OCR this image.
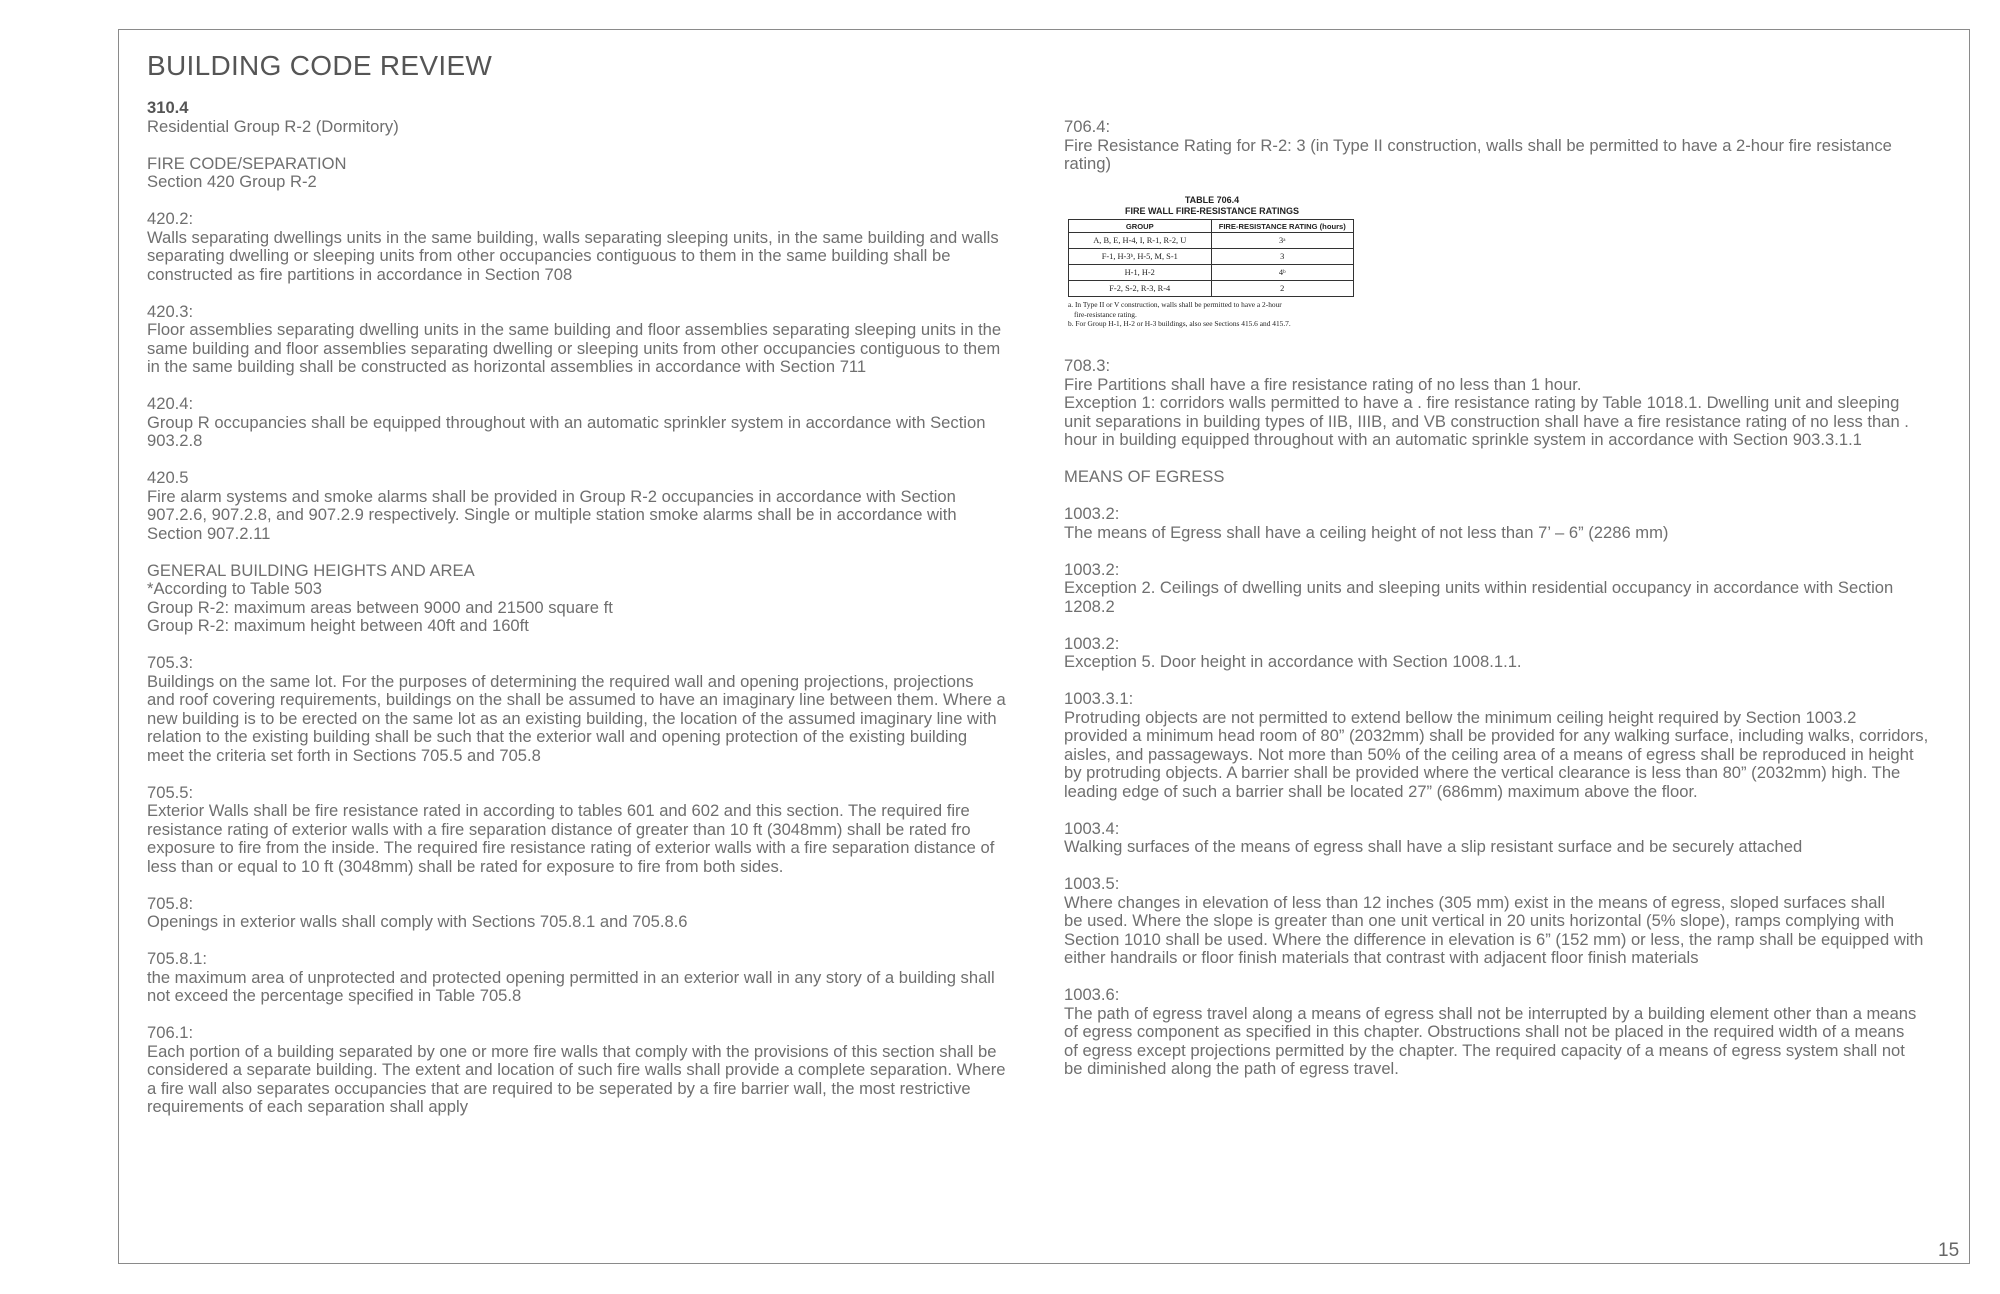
BUILDING CODE REVIEW

310.4

Residential Group R-2 (Dormitory)

FIRE CODE/SEPARATION

Section 420 Group R-2

420.2:

Walls separating dwellings units in the same building, walls separating sleeping units, in the same building and walls

separating dwelling or sleeping units from other occupancies contiguous to them in the same building shall be

constructed as fire partitions in accordance in Section 708

420.3:

Floor assemblies separating dwelling units in the same building and floor assemblies separating sleeping units in the

same building and floor assemblies separating dwelling or sleeping units from other occupancies contiguous to them

in the same building shall be constructed as horizontal assemblies in accordance with Section 711

420.4:

Group R occupancies shall be equipped throughout with an automatic sprinkler system in accordance with Section

903.2.8

420.5

Fire alarm systems and smoke alarms shall be provided in Group R-2 occupancies in accordance with Section

907.2.6, 907.2.8, and 907.2.9 respectively. Single or multiple station smoke alarms shall be in accordance with

Section 907.2.11

GENERAL BUILDING HEIGHTS AND AREA

*According to Table 503

Group R-2: maximum areas between 9000 and 21500 square ft

Group R-2: maximum height between 40ft and 160ft

705.3:

Buildings on the same lot. For the purposes of determining the required wall and opening projections, projections

and roof covering requirements, buildings on the shall be assumed to have an imaginary line between them. Where a

new building is to be erected on the same lot as an existing building, the location of the assumed imaginary line with

relation to the existing building shall be such that the exterior wall and opening protection of the existing building

meet the criteria set forth in Sections 705.5 and 705.8

705.5:

Exterior Walls shall be fire resistance rated in according to tables 601 and 602 and this section. The required fire

resistance rating of exterior walls with a fire separation distance of greater than 10 ft (3048mm) shall be rated fro

exposure to fire from the inside. The required fire resistance rating of exterior walls with a fire separation distance of

less than or equal to 10 ft (3048mm) shall be rated for exposure to fire from both sides.

705.8:

Openings in exterior walls shall comply with Sections 705.8.1 and 705.8.6

705.8.1:

the maximum area of unprotected and protected opening permitted in an exterior wall in any story of a building shall

not exceed the percentage specified in Table 705.8

706.1:

Each portion of a building separated by one or more fire walls that comply with the provisions of this section shall be

considered a separate building. The extent and location of such fire walls shall provide a complete separation. Where

a fire wall also separates occupancies that are required to be seperated by a fire barrier wall, the most restrictive

requirements of each separation shall apply

706.4:

Fire Resistance Rating for R-2: 3 (in Type II construction, walls shall be permitted to have a 2-hour fire resistance

rating)

TABLE 706.4
FIRE WALL FIRE-RESISTANCE RATINGS
GROUP	FIRE-RESISTANCE RATING (hours)
A, B, E, H-4, I, R-1, R-2, U	3ᵃ
F-1, H-3ᵇ, H-5, M, S-1	3
H-1, H-2	4ᵇ
F-2, S-2, R-3, R-4	2
a. In Type II or V construction, walls shall be permitted to have a 2-hour
fire-resistance rating.
b. For Group H-1, H-2 or H-3 buildings, also see Sections 415.6 and 415.7.

708.3:

Fire Partitions shall have a fire resistance rating of no less than 1 hour.

Exception 1: corridors walls permitted to have a . fire resistance rating by Table 1018.1. Dwelling unit and sleeping

unit separations in building types of IIB, IIIB, and VB construction shall have a fire resistance rating of no less than .

hour in building equipped throughout with an automatic sprinkle system in accordance with Section 903.3.1.1

MEANS OF EGRESS

1003.2:

The means of Egress shall have a ceiling height of not less than 7’ – 6” (2286 mm)

1003.2:

Exception 2. Ceilings of dwelling units and sleeping units within residential occupancy in accordance with Section

1208.2

1003.2:

Exception 5. Door height in accordance with Section 1008.1.1.

1003.3.1:

Protruding objects are not permitted to extend bellow the minimum ceiling height required by Section 1003.2

provided a minimum head room of 80” (2032mm) shall be provided for any walking surface, including walks, corridors,

aisles, and passageways. Not more than 50% of the ceiling area of a means of egress shall be reproduced in height

by protruding objects. A barrier shall be provided where the vertical clearance is less than 80” (2032mm) high. The

leading edge of such a barrier shall be located 27” (686mm) maximum above the floor.

1003.4:

Walking surfaces of the means of egress shall have a slip resistant surface and be securely attached

1003.5:

Where changes in elevation of less than 12 inches (305 mm) exist in the means of egress, sloped surfaces shall

be used. Where the slope is greater than one unit vertical in 20 units horizontal (5% slope), ramps complying with

Section 1010 shall be used. Where the difference in elevation is 6” (152 mm) or less, the ramp shall be equipped with

either handrails or floor finish materials that contrast with adjacent floor finish materials

1003.6:

The path of egress travel along a means of egress shall not be interrupted by a building element other than a means

of egress component as specified in this chapter. Obstructions shall not be placed in the required width of a means

of egress except projections permitted by the chapter. The required capacity of a means of egress system shall not

be diminished along the path of egress travel.

15
